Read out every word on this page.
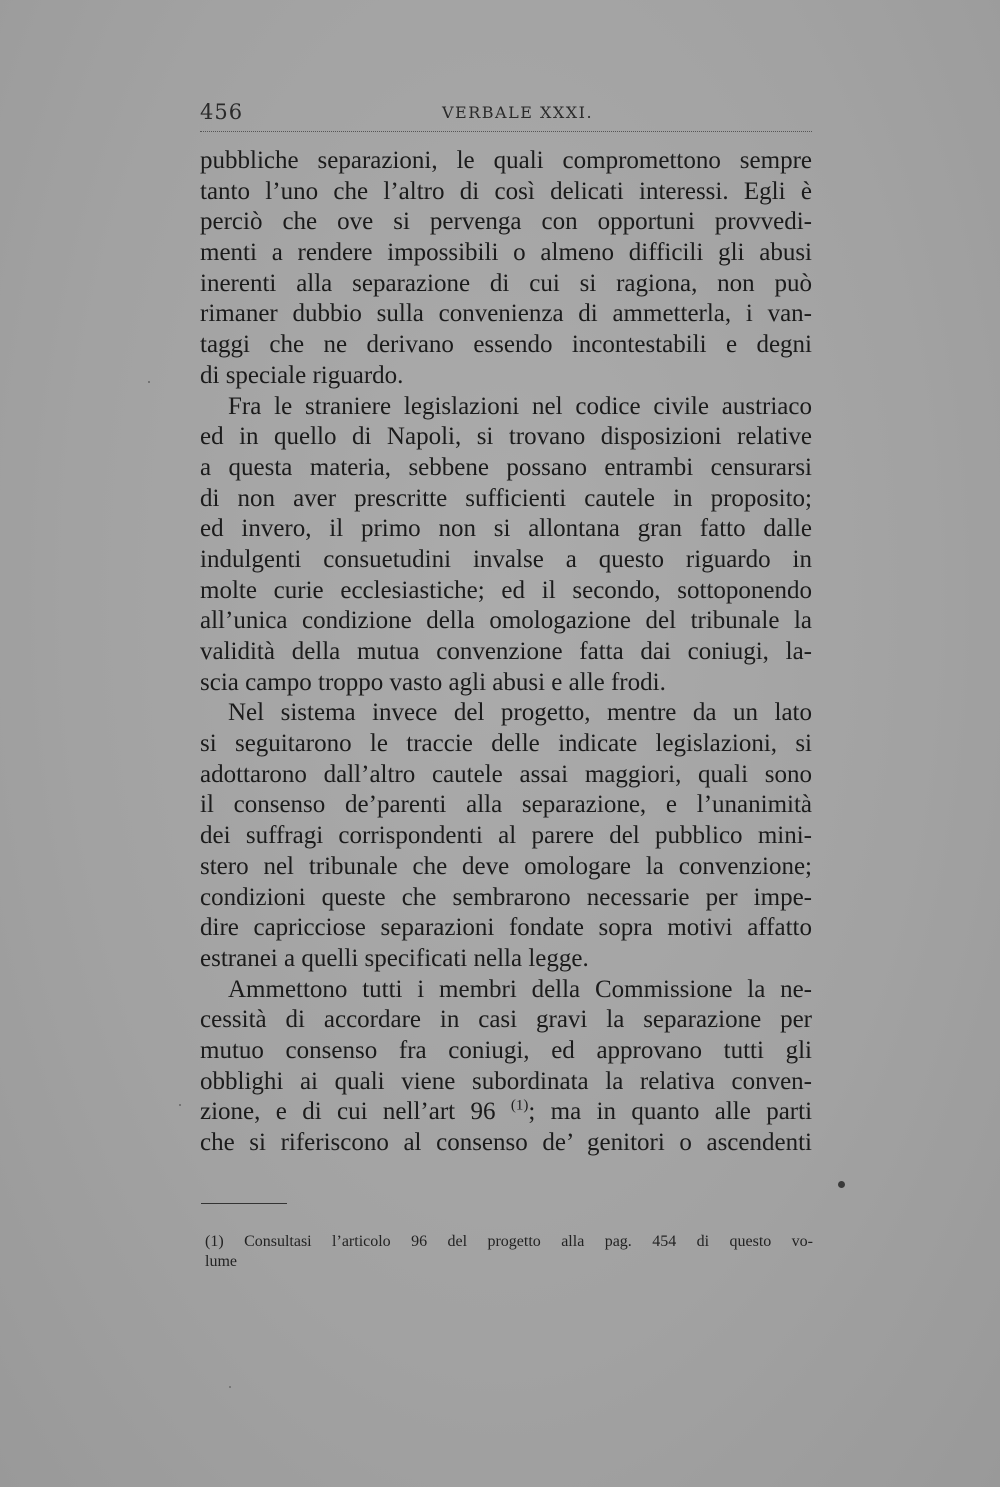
456	VERBALE XXXI.
pubbliche separazioni, le quali compromettono sempre
tanto l’uno che l’altro di così delicati interessi. Egli è
perciò che ove si pervenga con opportuni provvedi-
menti a rendere impossibili o almeno difficili gli abusi
inerenti alla separazione di cui si ragiona, non può
rimaner dubbio sulla convenienza di ammetterla, i van-
taggi che ne derivano essendo incontestabili e degni
di speciale riguardo.
Fra le straniere legislazioni nel codice civile austriaco
ed in quello di Napoli, si trovano disposizioni relative
a questa materia, sebbene possano entrambi censurarsi
di non aver prescritte sufficienti cautele in proposito;
ed invero, il primo non si allontana gran fatto dalle
indulgenti consuetudini invalse a questo riguardo in
molte curie ecclesiastiche; ed il secondo, sottoponendo
all’unica condizione della omologazione del tribunale la
validità della mutua convenzione fatta dai coniugi, la-
scia campo troppo vasto agli abusi e alle frodi.
Nel sistema invece del progetto, mentre da un lato
si seguitarono le traccie delle indicate legislazioni, si
adottarono dall’altro cautele assai maggiori, quali sono
il consenso de’parenti alla separazione, e l’unanimità
dei suffragi corrispondenti al parere del pubblico mini-
stero nel tribunale che deve omologare la convenzione;
condizioni queste che sembrarono necessarie per impe-
dire capricciose separazioni fondate sopra motivi affatto
estranei a quelli specificati nella legge.
Ammettono tutti i membri della Commissione la ne-
cessità di accordare in casi gravi la separazione per
mutuo consenso fra coniugi, ed approvano tutti gli
obblighi ai quali viene subordinata la relativa conven-
zione, e di cui nell’art 96 $^{(1)}$; ma in quanto alle parti
che si riferiscono al consenso de’ genitori o ascendenti
(1) Consultasi l’articolo 96 del progetto alla pag. 454 di questo vo-
lume
